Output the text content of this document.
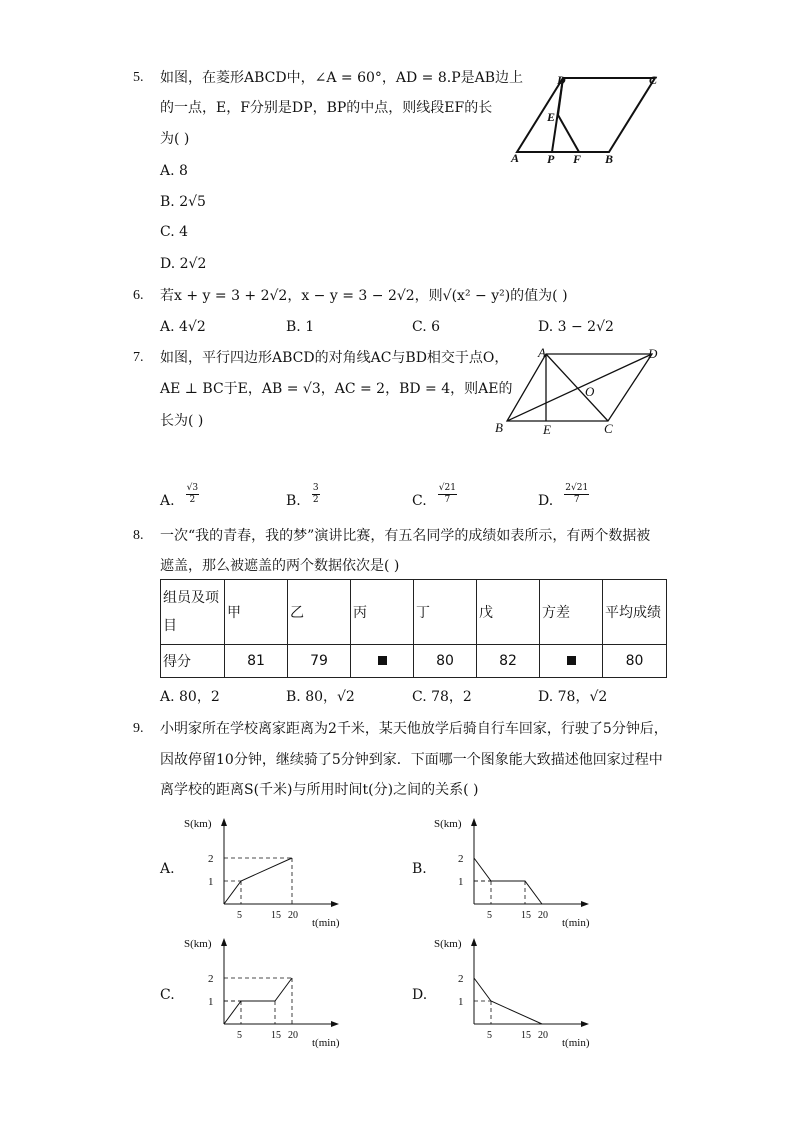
5. 如图，在菱形ABCD中，∠A = 60°，AD = 8.P是AB边上
的一点，E，F分别是DP，BP的中点，则线段EF的长
为( )
A. 8
B. 2√5
C. 4
D. 2√2
D	C
E
A P F B
6. 若x + y = 3 + 2√2，x − y = 3 − 2√2，则√(x² − y²)的值为( )
A. 4√2	B. 1	C. 6	D. 3 − 2√2
7. 如图，平行四边形ABCD的对角线AC与BD相交于点O，
AE ⊥ BC于E，AB = √3，AC = 2，BD = 4，则AE的
长为( )
A	D
O
B	E	C
A. $\frac{√3}{2}$	B. $\frac{3}{2}$	C. $\frac{√21}{7}$	D. $\frac{2√21}{7}$
8. 一次“我的青春，我的梦”演讲比赛，有五名同学的成绩如表所示，有两个数据被
遮盖，那么被遮盖的两个数据依次是( )
组员及项目	甲	乙	丙	丁	戊	方差	平均成绩
得分	81	79		80	82		80
A. 80，2	B. 80，√2	C. 78，2	D. 78，√2
9. 小明家所在学校离家距离为2千米，某天他放学后骑自行车回家，行驶了5分钟后，
因故停留10分钟，继续骑了5分钟到家．下面哪一个图象能大致描述他回家过程中
离学校的距离S(千米)与所用时间t(分)之间的关系( )
A.
2
1
5	15 20
S(km)
t(min)
B.
2
1
5	15 20
S(km)
t(min)
C.
2
1
5	15 20
S(km)
t(min)
D.
2
1
5	15 20
S(km)
t(min)
